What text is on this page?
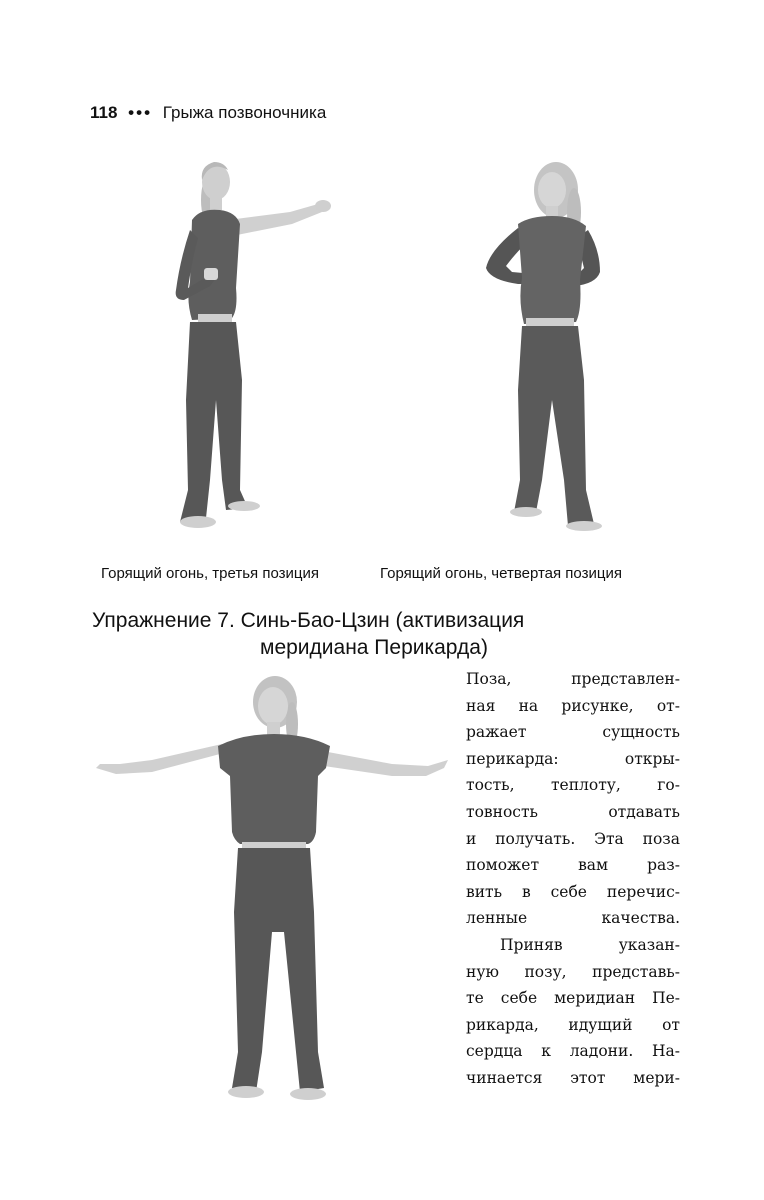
118 ••• Грыжа позвоночника
Горящий огонь, третья позиция	Горящий огонь, четвертая позиция
Упражнение 7. Синь-Бао-Цзин (активизация
меридиана Перикарда)
Поза, представлен-
ная на рисунке, от-
ражает сущность
перикарда: откры-
тость, теплоту, го-
товность отдавать
и получать. Эта поза
поможет вам раз-
вить в себе перечис-
ленные качества.
Приняв указан-
ную позу, представь-
те себе меридиан Пе-
рикарда, идущий от
сердца к ладони. На-
чинается этот мери-
